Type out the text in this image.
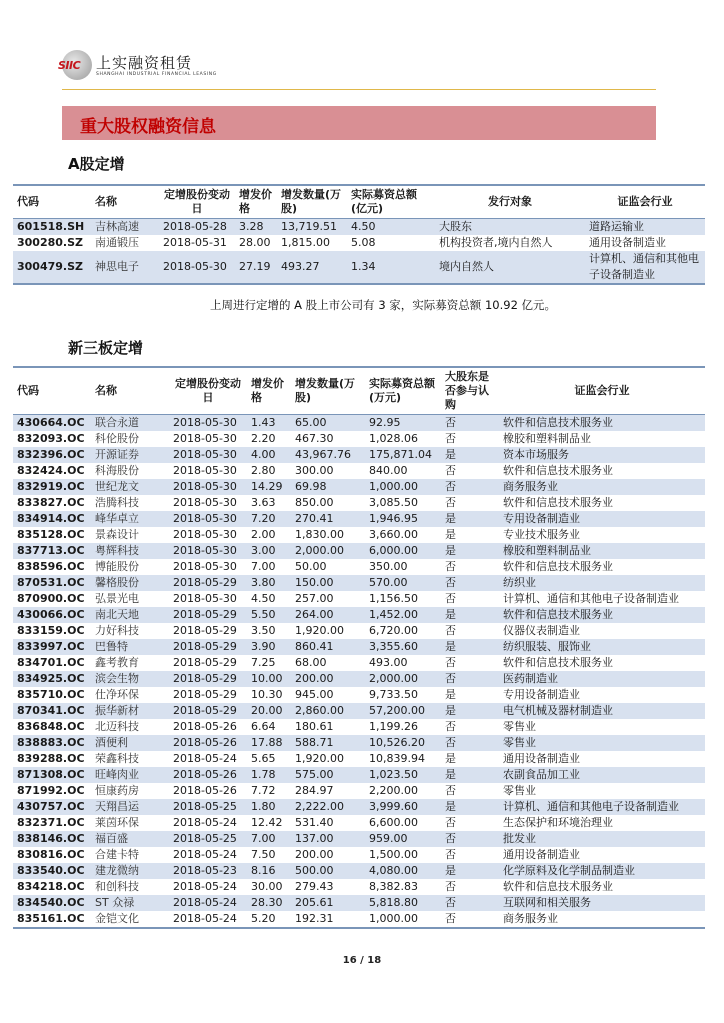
SIIC 上实融资租赁
SHANGHAI INDUSTRIAL FINANCIAL LEASING
重大股权融资信息
A股定增
代码	名称	定增股份变动日	增发价格	增发数量(万股)	实际募资总额(亿元)	发行对象	证监会行业
601518.SH	吉林高速	2018-05-28	3.28	13,719.51	4.50	大股东	道路运输业
300280.SZ	南通锻压	2018-05-31	28.00	1,815.00	5.08	机构投资者,境内自然人	通用设备制造业
300479.SZ	神思电子	2018-05-30	27.19	493.27	1.34	境内自然人	计算机、通信和其他电子设备制造业
上周进行定增的 A 股上市公司有 3 家，实际募资总额 10.92 亿元。
新三板定增
代码	名称	定增股份变动日	增发价格	增发数量(万股)	实际募资总额(万元)	大股东是否参与认购	证监会行业
430664.OC	联合永道	2018-05-30	1.43	65.00	92.95	否	软件和信息技术服务业
832093.OC	科伦股份	2018-05-30	2.20	467.30	1,028.06	否	橡胶和塑料制品业
832396.OC	开源证券	2018-05-30	4.00	43,967.76	175,871.04	是	资本市场服务
832424.OC	科海股份	2018-05-30	2.80	300.00	840.00	否	软件和信息技术服务业
832919.OC	世纪龙文	2018-05-30	14.29	69.98	1,000.00	否	商务服务业
833827.OC	浩腾科技	2018-05-30	3.63	850.00	3,085.50	否	软件和信息技术服务业
834914.OC	峰华卓立	2018-05-30	7.20	270.41	1,946.95	是	专用设备制造业
835128.OC	景森设计	2018-05-30	2.00	1,830.00	3,660.00	是	专业技术服务业
837713.OC	粤辉科技	2018-05-30	3.00	2,000.00	6,000.00	是	橡胶和塑料制品业
838596.OC	博能股份	2018-05-30	7.00	50.00	350.00	否	软件和信息技术服务业
870531.OC	馨格股份	2018-05-29	3.80	150.00	570.00	否	纺织业
870900.OC	弘景光电	2018-05-30	4.50	257.00	1,156.50	否	计算机、通信和其他电子设备制造业
430066.OC	南北天地	2018-05-29	5.50	264.00	1,452.00	是	软件和信息技术服务业
833159.OC	力好科技	2018-05-29	3.50	1,920.00	6,720.00	否	仪器仪表制造业
833997.OC	巴鲁特	2018-05-29	3.90	860.41	3,355.60	是	纺织服装、服饰业
834701.OC	鑫考教育	2018-05-29	7.25	68.00	493.00	否	软件和信息技术服务业
834925.OC	滨会生物	2018-05-29	10.00	200.00	2,000.00	否	医药制造业
835710.OC	仕净环保	2018-05-29	10.30	945.00	9,733.50	是	专用设备制造业
870341.OC	振华新材	2018-05-29	20.00	2,860.00	57,200.00	是	电气机械及器材制造业
836848.OC	北迈科技	2018-05-26	6.64	180.61	1,199.26	否	零售业
838883.OC	酒便利	2018-05-26	17.88	588.71	10,526.20	否	零售业
839288.OC	荣鑫科技	2018-05-24	5.65	1,920.00	10,839.94	是	通用设备制造业
871308.OC	旺峰肉业	2018-05-26	1.78	575.00	1,023.50	是	农副食品加工业
871992.OC	恒康药房	2018-05-26	7.72	284.97	2,200.00	否	零售业
430757.OC	天翔昌运	2018-05-25	1.80	2,222.00	3,999.60	是	计算机、通信和其他电子设备制造业
832371.OC	莱茵环保	2018-05-24	12.42	531.40	6,600.00	否	生态保护和环境治理业
838146.OC	福百盛	2018-05-25	7.00	137.00	959.00	否	批发业
830816.OC	合建卡特	2018-05-24	7.50	200.00	1,500.00	否	通用设备制造业
833540.OC	建龙微纳	2018-05-23	8.16	500.00	4,080.00	是	化学原料及化学制品制造业
834218.OC	和创科技	2018-05-24	30.00	279.43	8,382.83	否	软件和信息技术服务业
834540.OC	ST 众禄	2018-05-24	28.30	205.61	5,818.80	否	互联网和相关服务
835161.OC	金铠文化	2018-05-24	5.20	192.31	1,000.00	否	商务服务业
16 / 18
